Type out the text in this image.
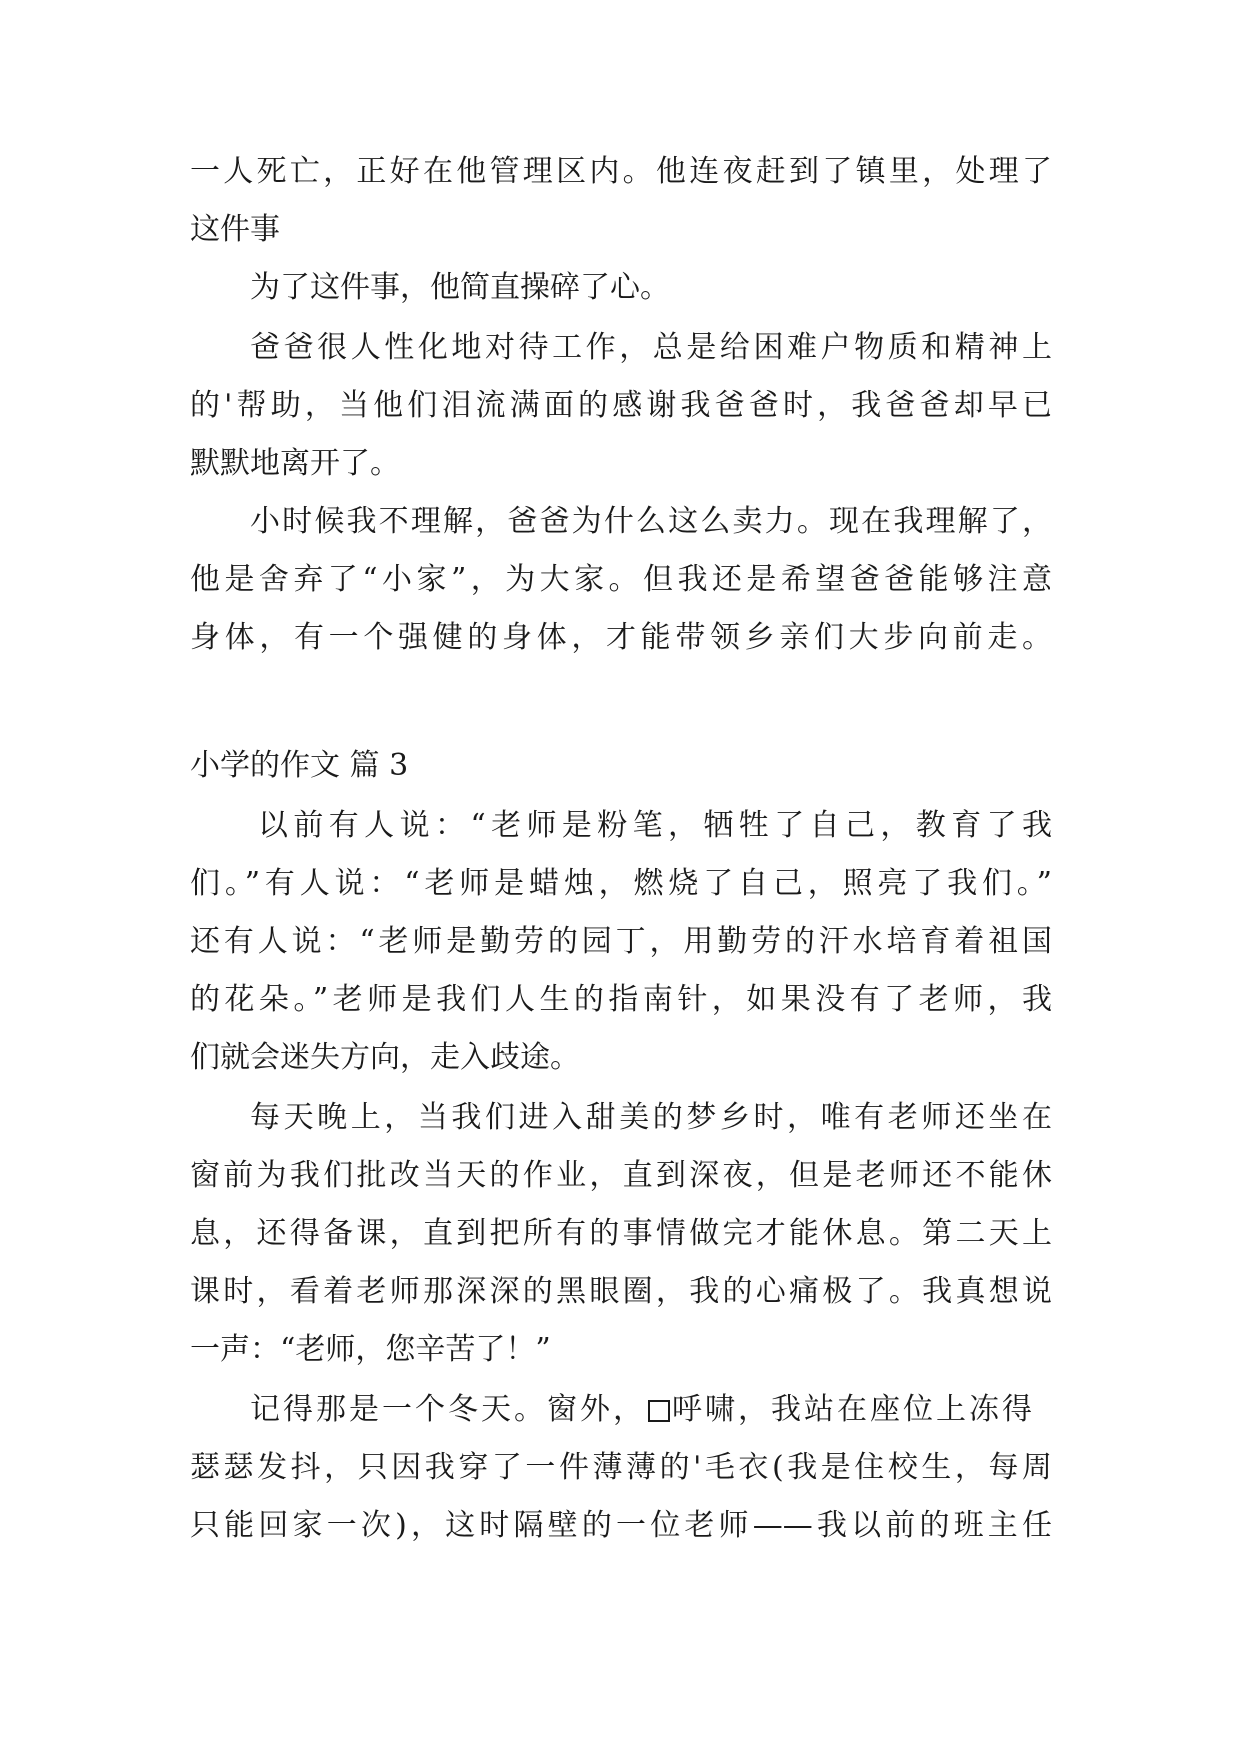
一人死亡，正好在他管理区内。他连夜赶到了镇里，处理了
这件事
为了这件事，他简直操碎了心。
爸爸很人性化地对待工作，总是给困难户物质和精神上
的'帮助，当他们泪流满面的感谢我爸爸时，我爸爸却早已
默默地离开了。
小时候我不理解，爸爸为什么这么卖力。现在我理解了，
他是舍弃了“小家”，为大家。但我还是希望爸爸能够注意
身体，有一个强健的身体，才能带领乡亲们大步向前走。
小学的作文 篇 3
以前有人说：“老师是粉笔，牺牲了自己，教育了我
们。”有人说：“老师是蜡烛，燃烧了自己，照亮了我们。”
还有人说：“老师是勤劳的园丁，用勤劳的汗水培育着祖国
的花朵。”老师是我们人生的指南针，如果没有了老师，我
们就会迷失方向，走入歧途。
每天晚上，当我们进入甜美的梦乡时，唯有老师还坐在
窗前为我们批改当天的作业，直到深夜，但是老师还不能休
息，还得备课，直到把所有的事情做完才能休息。第二天上
课时，看着老师那深深的黑眼圈，我的心痛极了。我真想说
一声：“老师，您辛苦了！”
记得那是一个冬天。窗外， 呼啸，我站在座位上冻得
瑟瑟发抖，只因我穿了一件薄薄的'毛衣(我是住校生，每周
只能回家一次)，这时隔壁的一位老师——我以前的班主任
